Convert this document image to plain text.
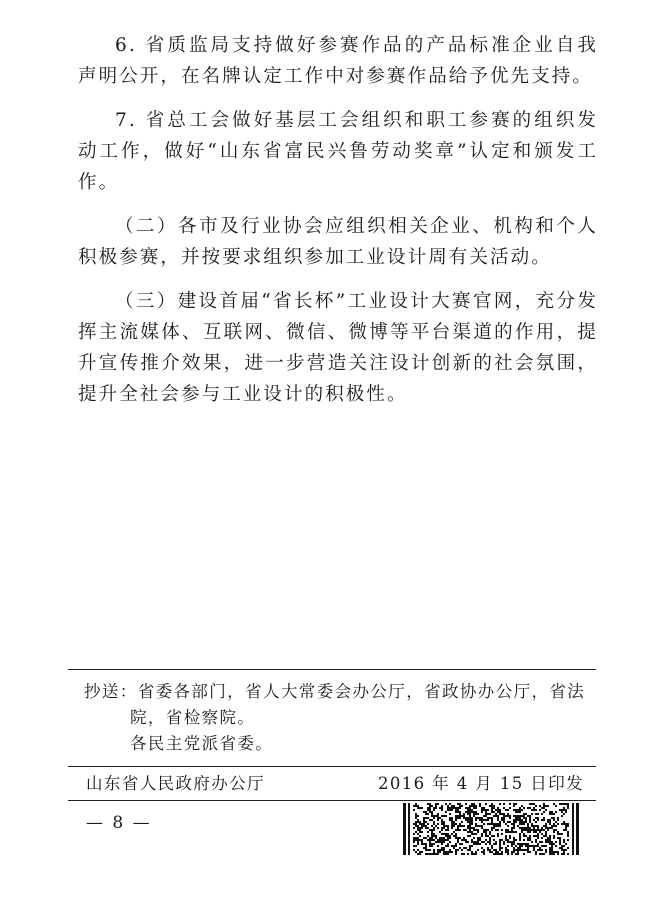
6. 省质监局支持做好参赛作品的产品标准企业自我声明公开，在名牌认定工作中对参赛作品给予优先支持。

7. 省总工会做好基层工会组织和职工参赛的组织发动工作，做好“山东省富民兴鲁劳动奖章”认定和颁发工作。

（二）各市及行业协会应组织相关企业、机构和个人积极参赛，并按要求组织参加工业设计周有关活动。

（三）建设首届“省长杯”工业设计大赛官网，充分发挥主流媒体、互联网、微信、微博等平台渠道的作用，提升宣传推介效果，进一步营造关注设计创新的社会氛围，提升全社会参与工业设计的积极性。

抄送：省委各部门，省人大常委会办公厅，省政协办公厅，省法
院，省检察院。
各民主党派省委。
山东省人民政府办公厅	2016 年 4 月 15 日印发
— 8 —
